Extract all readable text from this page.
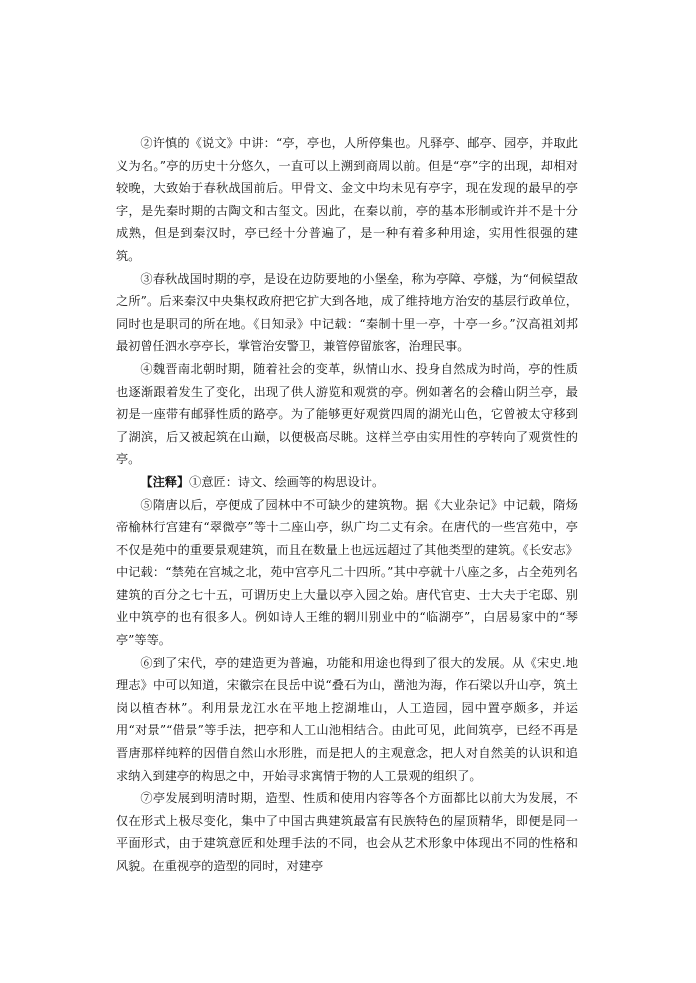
②许慎的《说文》中讲：“亭，亭也，人所停集也。凡驿亭、邮亭、园亭，并取此义为名。”亭的历史十分悠久，一直可以上溯到商周以前。但是“亭”字的出现，却相对较晚，大致始于春秋战国前后。甲骨文、金文中均未见有亭字，现在发现的最早的亭字，是先秦时期的古陶文和古玺文。因此，在秦以前，亭的基本形制或许并不是十分成熟，但是到秦汉时，亭已经十分普遍了，是一种有着多种用途，实用性很强的建筑。

③春秋战国时期的亭，是设在边防要地的小堡垒，称为亭障、亭燧，为“伺候望敌之所”。后来秦汉中央集权政府把它扩大到各地，成了维持地方治安的基层行政单位，同时也是职司的所在地。《日知录》中记载：“秦制十里一亭，十亭一乡。”汉高祖刘邦最初曾任泗水亭亭长，掌管治安警卫，兼管停留旅客，治理民事。

④魏晋南北朝时期，随着社会的变革，纵情山水、投身自然成为时尚，亭的性质也逐渐跟着发生了变化，出现了供人游览和观赏的亭。例如著名的会稽山阴兰亭，最初是一座带有邮驿性质的路亭。为了能够更好观赏四周的湖光山色，它曾被太守移到了湖滨，后又被起筑在山巅，以便极高尽眺。这样兰亭由实用性的亭转向了观赏性的亭。

【注释】①意匠：诗文、绘画等的构思设计。

⑤隋唐以后，亭便成了园林中不可缺少的建筑物。据《大业杂记》中记载，隋炀帝榆林行宫建有“翠微亭”等十二座山亭，纵广均二丈有余。在唐代的一些宫苑中，亭不仅是苑中的重要景观建筑，而且在数量上也远远超过了其他类型的建筑。《长安志》中记载：“禁苑在宫城之北，苑中宫亭凡二十四所。”其中亭就十八座之多，占全苑列名建筑的百分之七十五，可谓历史上大量以亭入园之始。唐代官吏、士大夫于宅邸、别业中筑亭的也有很多人。例如诗人王维的辋川别业中的“临湖亭”，白居易家中的“琴亭”等等。

⑥到了宋代，亭的建造更为普遍，功能和用途也得到了很大的发展。从《宋史.地理志》中可以知道，宋徽宗在艮岳中说“叠石为山，凿池为海，作石梁以升山亭，筑土岗以植杏林”。利用景龙江水在平地上挖湖堆山，人工造园，园中置亭颇多，并运用“对景”“借景”等手法，把亭和人工山池相结合。由此可见，此间筑亭，已经不再是晋唐那样纯粹的因借自然山水形胜，而是把人的主观意念，把人对自然美的认识和追求纳入到建亭的构思之中，开始寻求寓情于物的人工景观的组织了。

⑦亭发展到明清时期，造型、性质和使用内容等各个方面都比以前大为发展，不仅在形式上极尽变化，集中了中国古典建筑最富有民族特色的屋顶精华，即便是同一平面形式，由于建筑意匠和处理手法的不同，也会从艺术形象中体现出不同的性格和风貌。在重视亭的造型的同时，对建亭
